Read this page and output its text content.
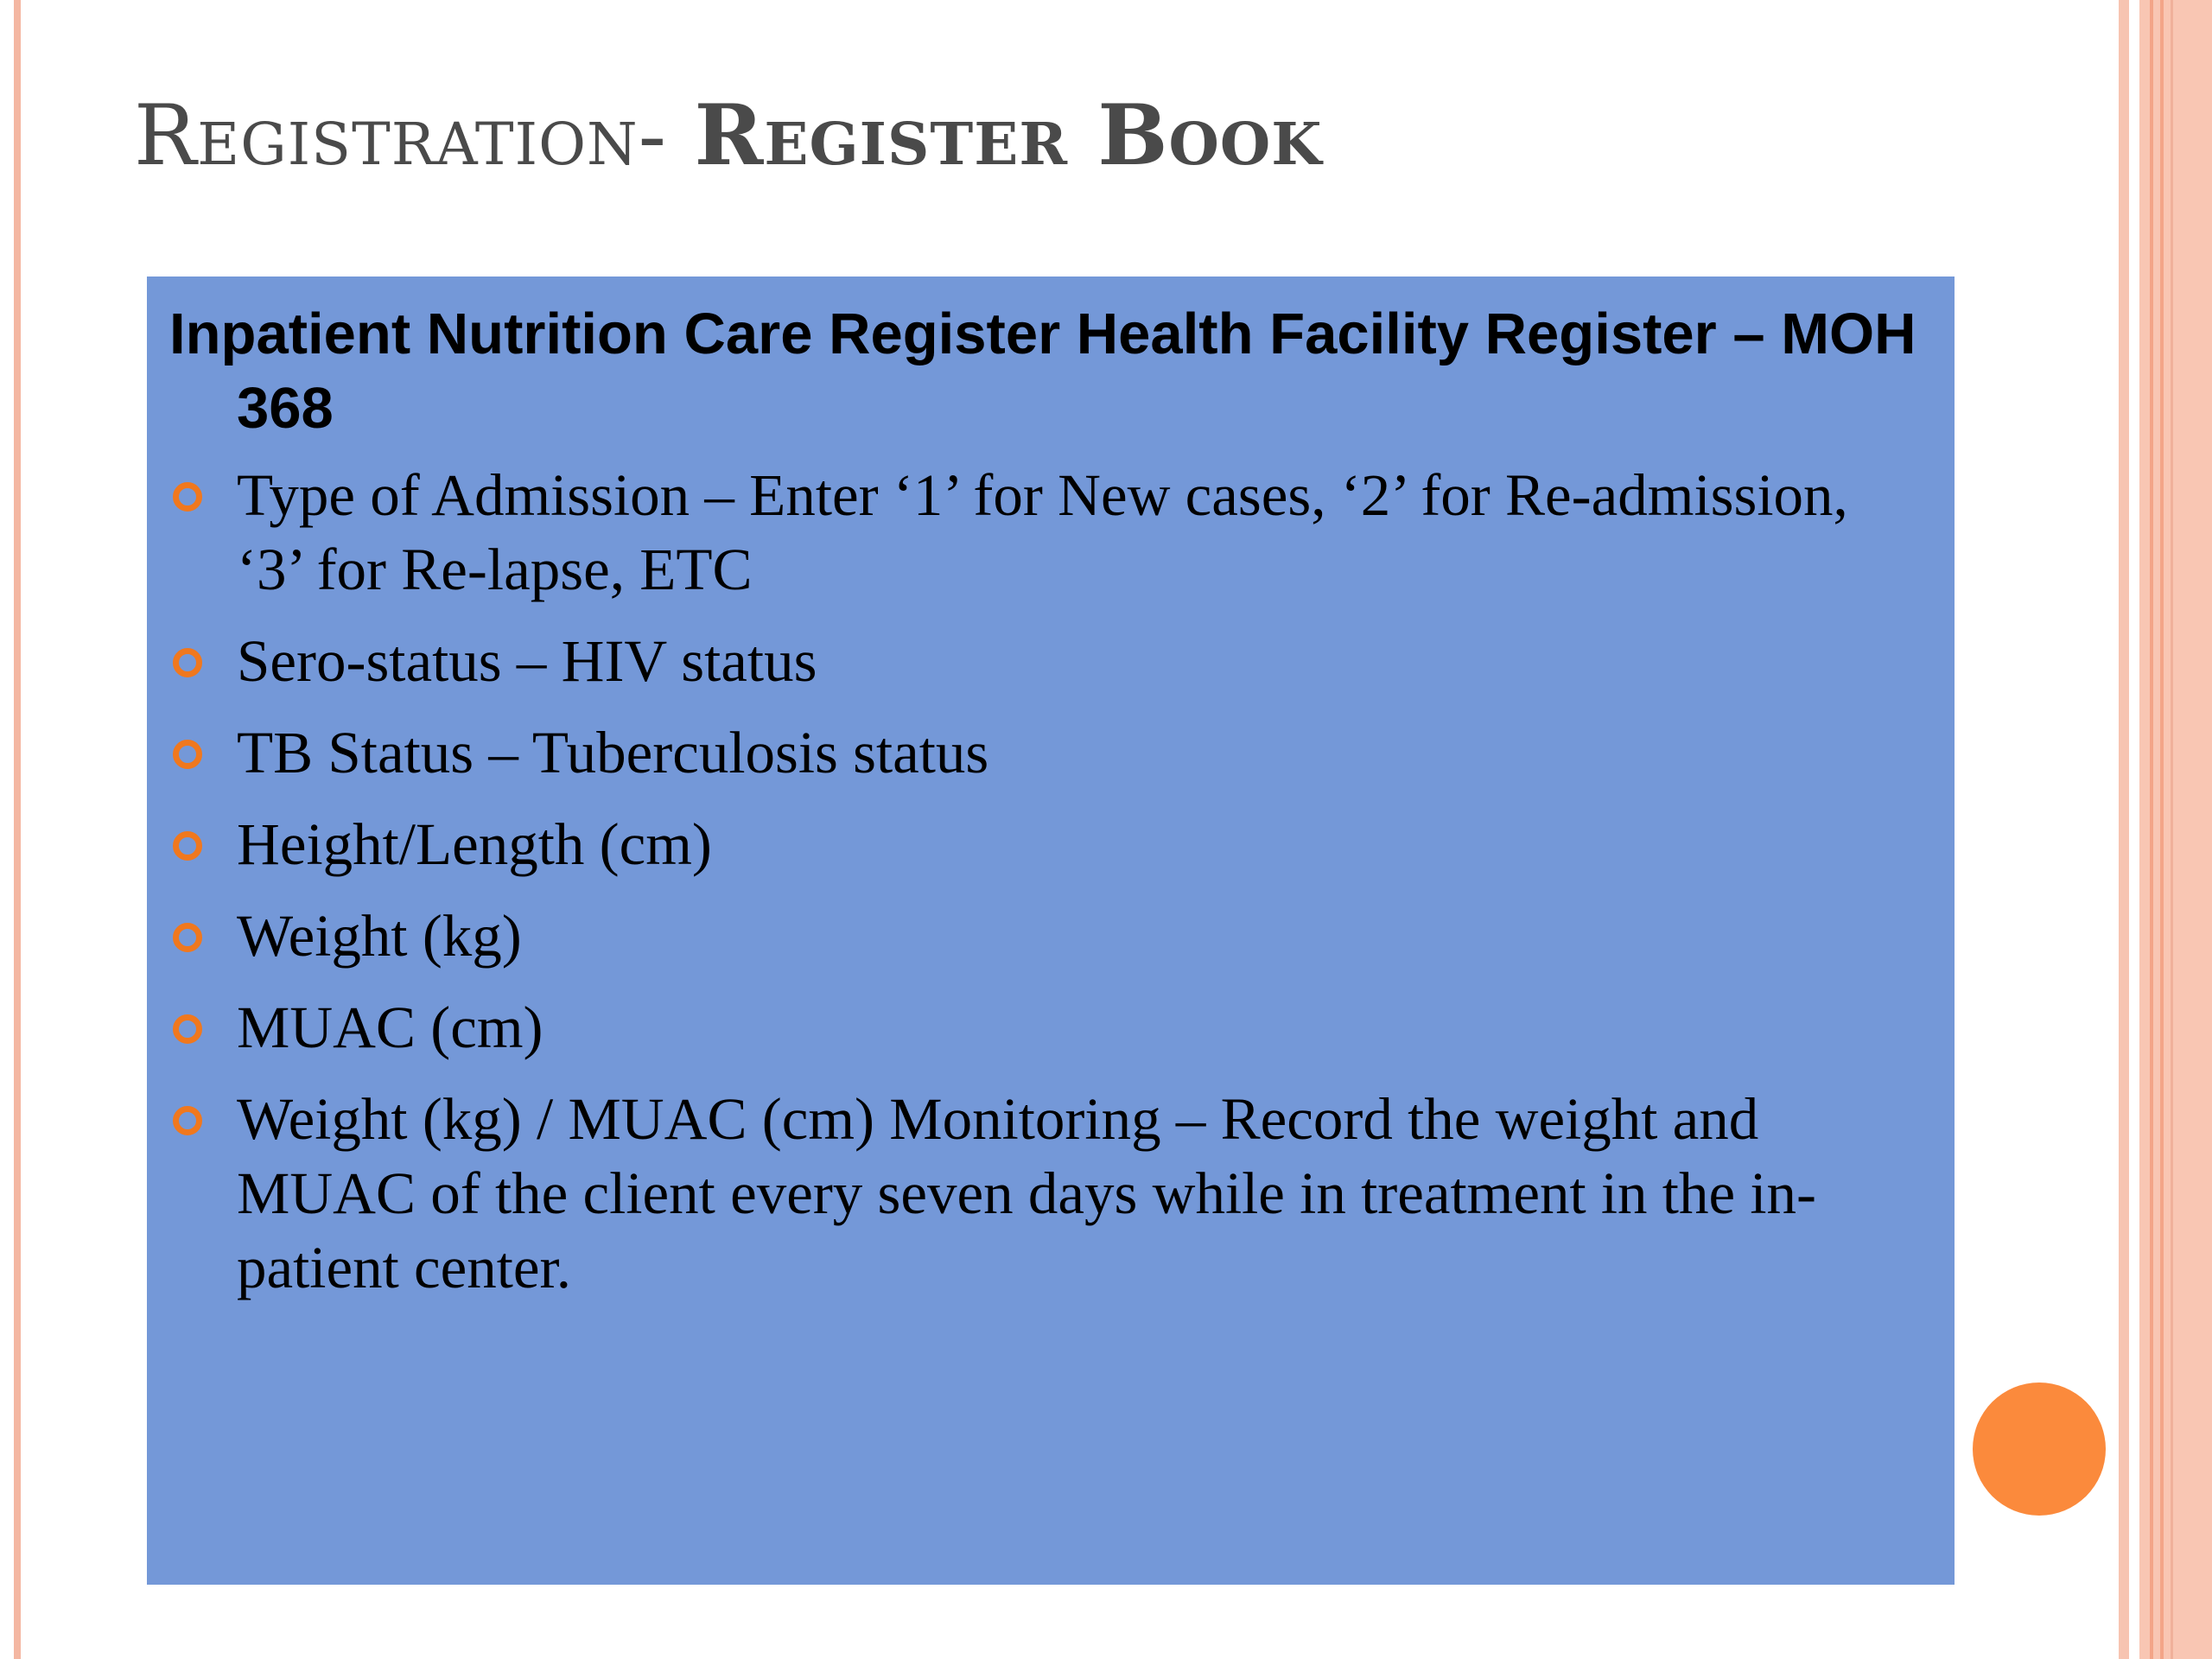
Registration- Register Book

Inpatient Nutrition Care Register Health Facility Register – MOH 368

Type of Admission – Enter ‘1’ for New cases, ‘2’ for Re-admission, ‘3’ for Re-lapse, ETC
Sero-status – HIV status
TB Status – Tuberculosis status
Height/Length (cm)
Weight (kg)
MUAC (cm)
Weight (kg) / MUAC (cm) Monitoring – Record the weight and MUAC of the client every seven days while in treatment in the in-patient center.
